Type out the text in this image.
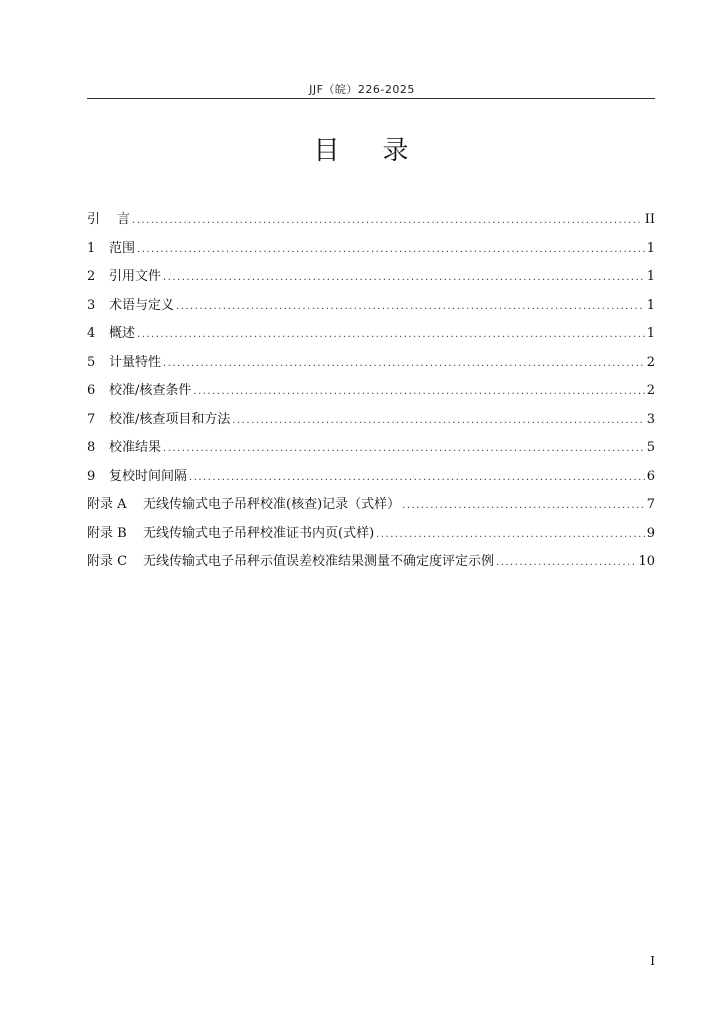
JJF（皖）226-2025
目    录
引	言 .....	II
1	范围 .....	1
2	引用文件 .....	1
3	术语与定义 .....	1
4	概述 .....	1
5	计量特性 .....	2
6	校准/核查条件 .....	2
7	校准/核查项目和方法 .....	3
8	校准结果 .....	5
9	复校时间间隔 .....	6
附录 A	无线传输式电子吊秤校准(核查)记录（式样） .....	7
附录 B	无线传输式电子吊秤校准证书内页(式样) .....	9
附录 C	无线传输式电子吊秤示值误差校准结果测量不确定度评定示例 .....	10
I
